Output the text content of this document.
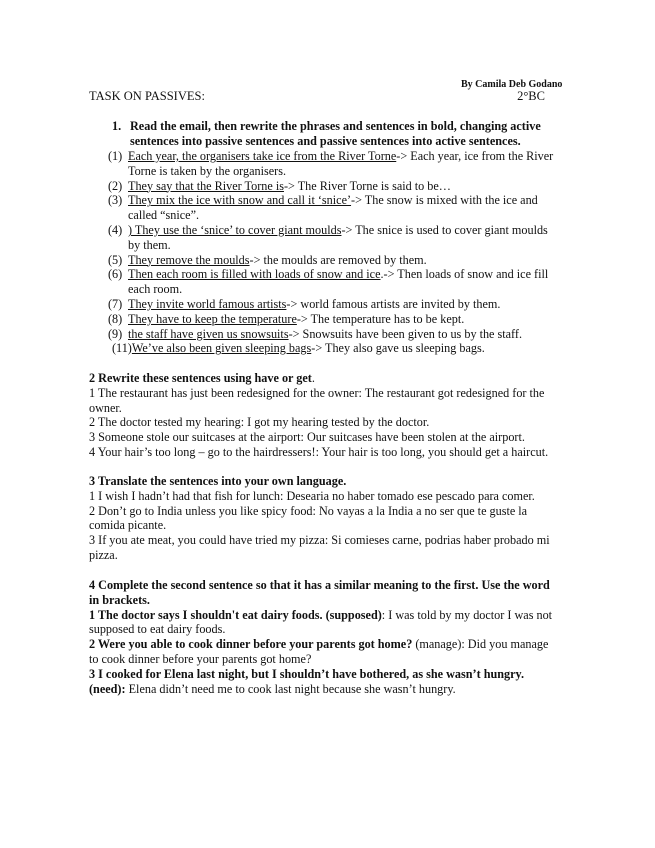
By Camila Deb Godano
TASK ON PASSIVES:	2°BC
1. Read the email, then rewrite the phrases and sentences in bold, changing active sentences into passive sentences and passive sentences into active sentences.
(1) Each year, the organisers take ice from the River Torne-> Each year, ice from the River Torne is taken by the organisers.
(2) They say that the River Torne is-> The River Torne is said to be…
(3) They mix the ice with snow and call it ‘snice’-> The snow is mixed with the ice and called “snice”.
(4) ) They use the ‘snice’ to cover giant moulds-> The snice is used to cover giant moulds by them.
(5) They remove the moulds-> the moulds are removed by them.
(6) Then each room is filled with loads of snow and ice.-> Then loads of snow and ice fill each room.
(7) They invite world famous artists-> world famous artists are invited by them.
(8) They have to keep the temperature-> The temperature has to be kept.
(9) the staff have given us snowsuits-> Snowsuits have been given to us by the staff.
(11)We’ve also been given sleeping bags-> They also gave us sleeping bags.
2 Rewrite these sentences using have or get.
1 The restaurant has just been redesigned for the owner: The restaurant got redesigned for the owner.
2 The doctor tested my hearing: I got my hearing tested by the doctor.
3 Someone stole our suitcases at the airport: Our suitcases have been stolen at the airport.
4 Your hair’s too long – go to the hairdressers!: Your hair is too long, you should get a haircut.
3 Translate the sentences into your own language.
1 I wish I hadn’t had that fish for lunch: Desearia no haber tomado ese pescado para comer.
2 Don’t go to India unless you like spicy food: No vayas a la India a no ser que te guste la comida picante.
3 If you ate meat, you could have tried my pizza: Si comieses carne, podrias haber probado mi pizza.
4 Complete the second sentence so that it has a similar meaning to the first. Use the word in brackets.
1 The doctor says I shouldn't eat dairy foods. (supposed): I was told by my doctor I was not supposed to eat dairy foods.
2 Were you able to cook dinner before your parents got home? (manage): Did you manage to cook dinner before your parents got home?
3 I cooked for Elena last night, but I shouldn’t have bothered, as she wasn’t hungry. (need): Elena didn’t need me to cook last night because she wasn’t hungry.
